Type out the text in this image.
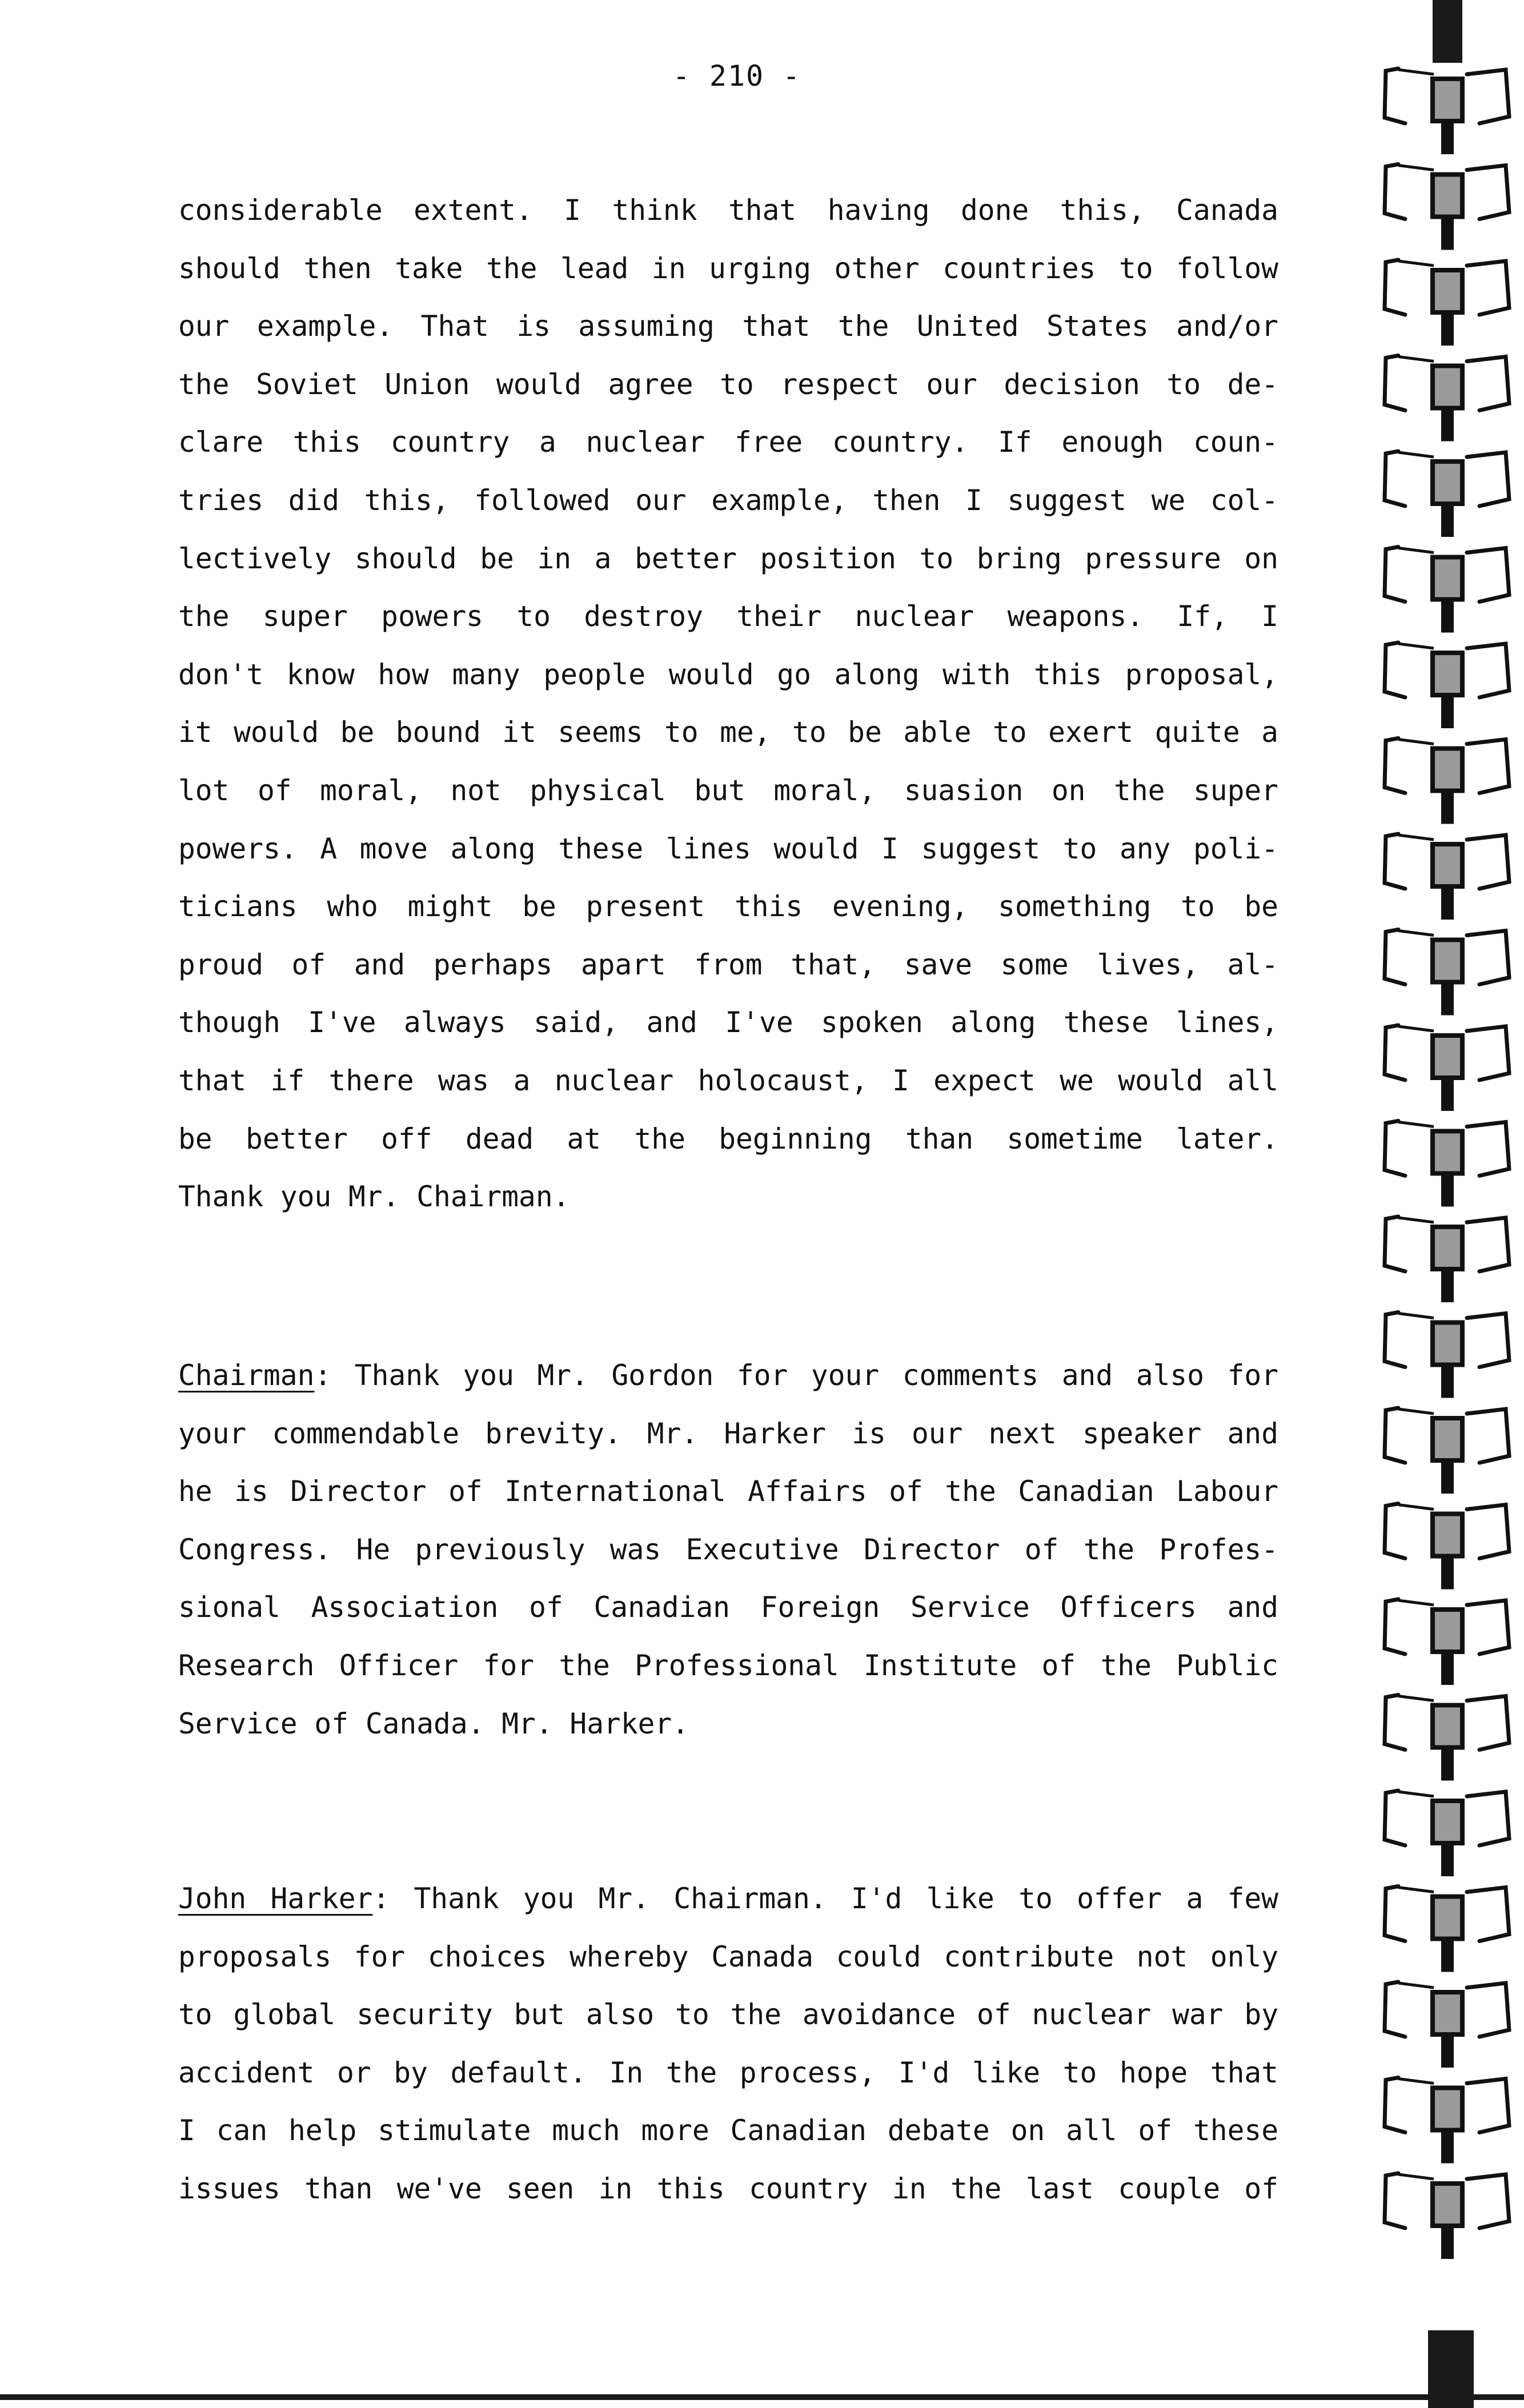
- 210 -
considerable extent. I think that having done this, Canada
should then take the lead in urging other countries to follow
our example. That is assuming that the United States and/or
the Soviet Union would agree to respect our decision to de-
clare this country a nuclear free country. If enough coun-
tries did this, followed our example, then I suggest we col-
lectively should be in a better position to bring pressure on
the super powers to destroy their nuclear weapons. If, I
don't know how many people would go along with this proposal,
it would be bound it seems to me, to be able to exert quite a
lot of moral, not physical but moral, suasion on the super
powers. A move along these lines would I suggest to any poli-
ticians who might be present this evening, something to be
proud of and perhaps apart from that, save some lives, al-
though I've always said, and I've spoken along these lines,
that if there was a nuclear holocaust, I expect we would all
be better off dead at the beginning than sometime later.
Thank you Mr. Chairman.
Chairman: Thank you Mr. Gordon for your comments and also for
your commendable brevity. Mr. Harker is our next speaker and
he is Director of International Affairs of the Canadian Labour
Congress. He previously was Executive Director of the Profes-
sional Association of Canadian Foreign Service Officers and
Research Officer for the Professional Institute of the Public
Service of Canada. Mr. Harker.
John Harker: Thank you Mr. Chairman. I'd like to offer a few
proposals for choices whereby Canada could contribute not only
to global security but also to the avoidance of nuclear war by
accident or by default. In the process, I'd like to hope that
I can help stimulate much more Canadian debate on all of these
issues than we've seen in this country in the last couple of
